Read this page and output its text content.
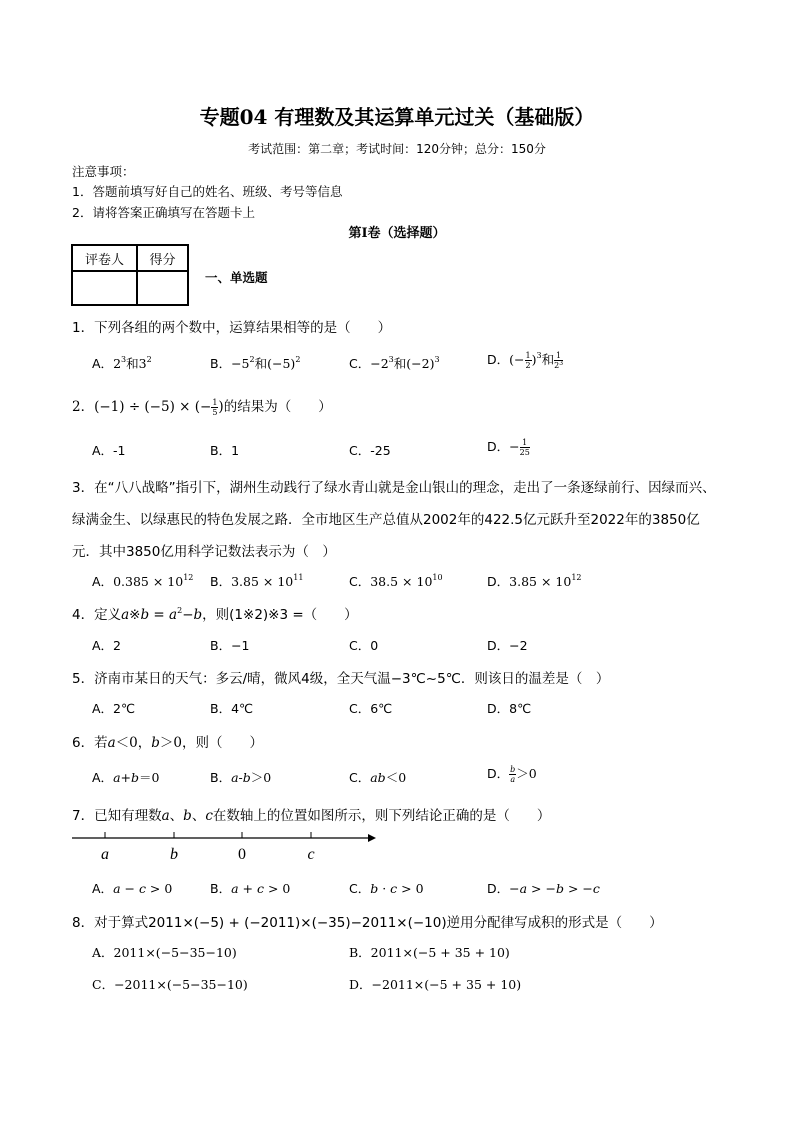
专题04 有理数及其运算单元过关（基础版）
考试范围：第二章；考试时间：120分钟；总分：150分
注意事项：
1．答题前填写好自己的姓名、班级、考号等信息
2．请将答案正确填写在答题卡上
第I卷（选择题）
评卷人	得分

一、单选题
1．下列各组的两个数中，运算结果相等的是（　　）
A．$2^3$和$3^2$	B．$-5^2$和$(-5)^2$	C．$-2^3$和$(-2)^3$	D．(− $\frac{1}{2} )^3$和 $\frac{1}{2^3}$
2．(−1) ÷ (−5) × (− $\frac{1}{5}$ )的结果为（　　）
A．-1	B．1	C．-25	D．− $\frac{1}{25}$
3．在“八八战略”指引下，湖州生动践行了绿水青山就是金山银山的理念，走出了一条逐绿前行、因绿而兴、
绿满金生、以绿惠民的特色发展之路．全市地区生产总值从2002年的422.5亿元跃升至2022年的3850亿
元．其中3850亿用科学记数法表示为（　）
A．$0.385 \times 10^{12}$ B．$3.85 \times 10^{11}$	C．$38.5 \times 10^{10}$	D．$3.85 \times 10^{12}$
4．定义a※b = $a^2-b$，则(1※2)※3 =（　　）
A．2	B．−1	C．0	D．−2
5．济南市某日的天气：多云/晴，微风4级，全天气温−3℃~5℃．则该日的温差是（　）
A．2℃	B．4℃	C．6℃	D．8℃
6．若a＜0，b＞0，则（　　）
A．a+b＝0	B．a-b＞0	C．ab＜0	D． $\frac{b}{a} >0$
7．已知有理数a、b、c在数轴上的位置如图所示，则下列结论正确的是（　　）
a	b	0	c
A．a − c > 0	B．a + c > 0	C．b · c > 0	D．−a > −b > −c
8．对于算式2011×(−5) + (−2011)×(−35)−2011×(−10)逆用分配律写成积的形式是（　　）
A．2011×(−5−35−10)	B．2011×(−5 + 35 + 10)
C．−2011×(−5−35−10)	D．−2011×(−5 + 35 + 10)
